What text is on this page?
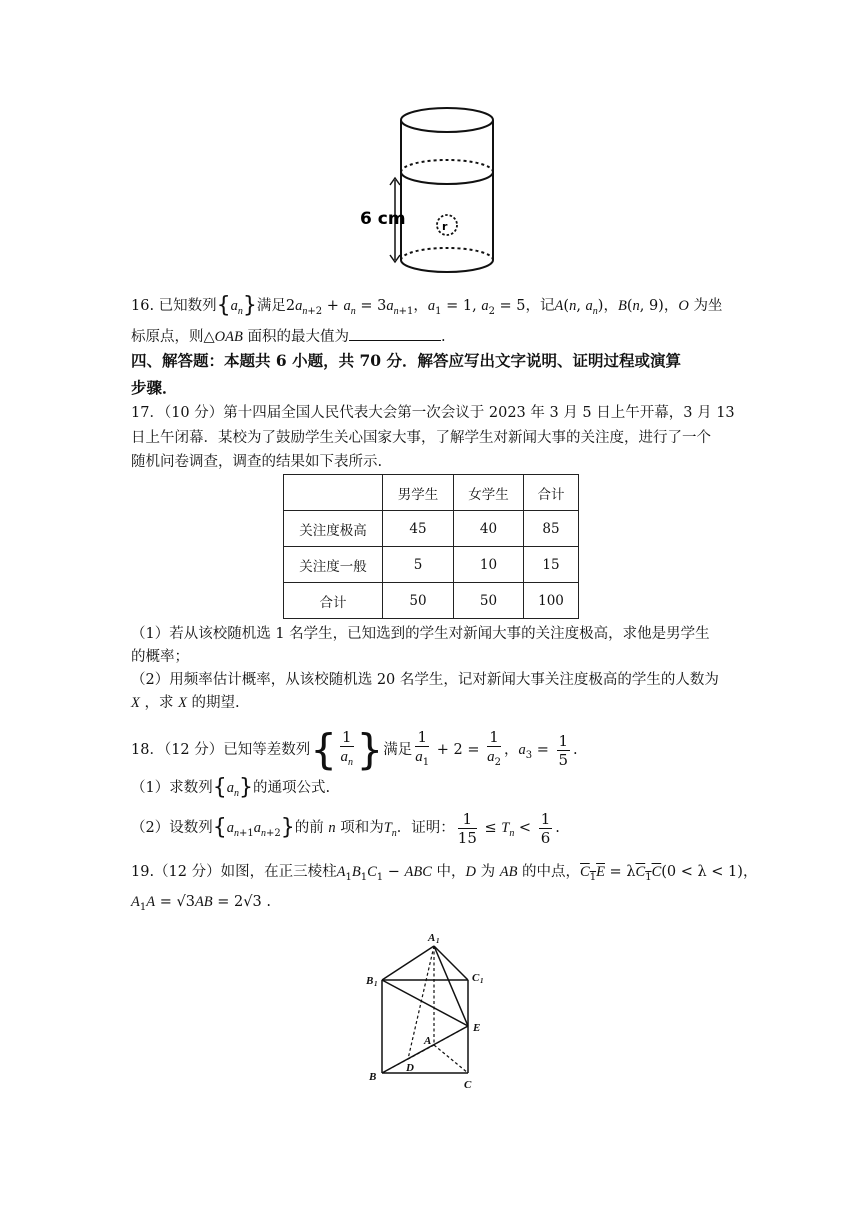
r
6 cm
16. 已知数列$\{a_n\}$满足$2a_{n+2} + a_n = 3a_{n+1}$，$a_1 = 1$, $a_2 = 5$，记A(n, $a_n$)，B(n, 9)，O 为坐
标原点，则△OAB 面积的最大值为	.
四、解答题：本题共 6 小题，共 70 分．解答应写出文字说明、证明过程或演算
步骤．
17．（10 分）第十四届全国人民代表大会第一次会议于 2023 年 3 月 5 日上午开幕，3 月 13
日上午闭幕．某校为了鼓励学生关心国家大事，了解学生对新闻大事的关注度，进行了一个
随机问卷调查，调查的结果如下表所示.
	男学生	女学生	合计
关注度极高	45	40	85
关注度一般	5	10	15
合计	50	50	100
（1）若从该校随机选 1 名学生，已知选到的学生对新闻大事的关注度极高，求他是男学生
的概率；
（2）用频率估计概率，从该校随机选 20 名学生，记对新闻大事关注度极高的学生的人数为
X ，求 X 的期望.
18．（12 分）已知等差数列{ $\frac{1}{a_n}$ }满足 $\frac{1}{a_1} + 2 = \frac{1}{a_2}$ ，$a_3 = \frac{1}{5}$ .
（1）求数列$\{a_n\}$的通项公式.
（2）设数列$\{a_{n+1}a_{n+2}\}$的前 n 项和为$T_n$．证明： $\frac{1}{15} \le T_n < \frac{1}{6}$ .
19.（12 分）如图，在正三棱柱$A_1B_1C_1$ − ABC 中，D 为 AB 的中点，$C_1E = \lambda C_1C(0 < \lambda < 1)$，
$A_1A = √3AB = 2√3$ .
A 1
B 1	C 1
E
A
D
B
C
